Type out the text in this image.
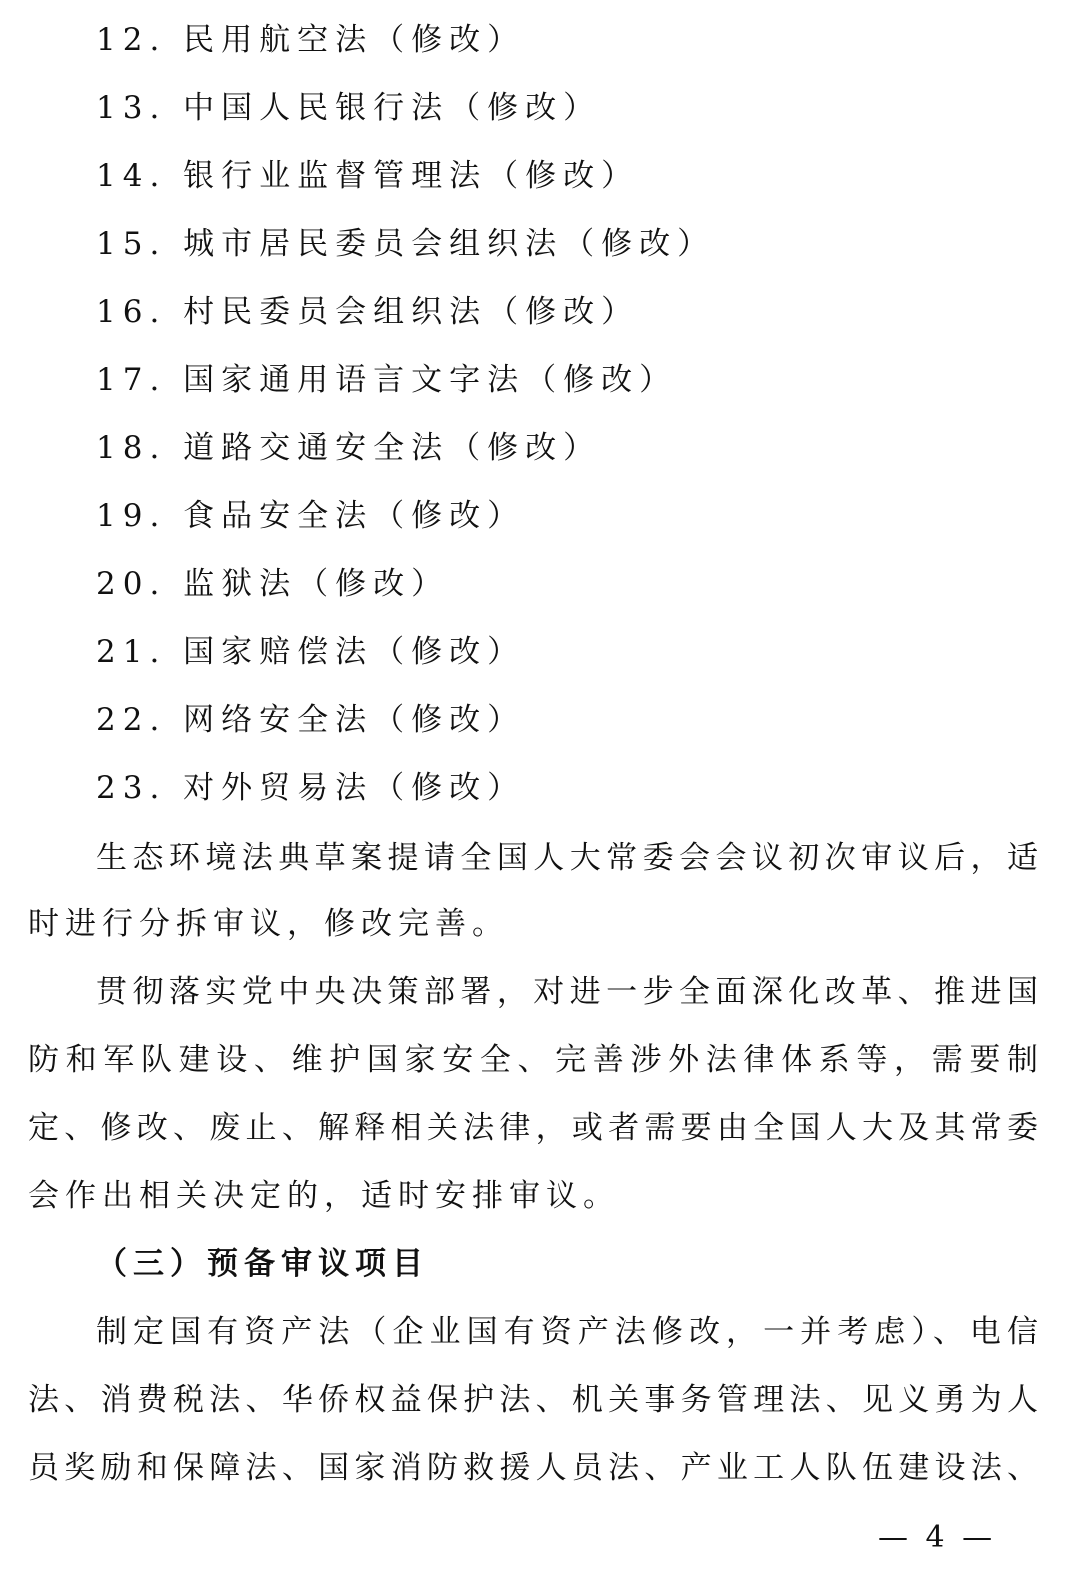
12. 民用航空法（修改）
13. 中国人民银行法（修改）
14. 银行业监督管理法（修改）
15. 城市居民委员会组织法（修改）
16. 村民委员会组织法（修改）
17. 国家通用语言文字法（修改）
18. 道路交通安全法（修改）
19. 食品安全法（修改）
20. 监狱法（修改）
21. 国家赔偿法（修改）
22. 网络安全法（修改）
23. 对外贸易法（修改）
生态环境法典草案提请全国人大常委会会议初次审议后，适
时进行分拆审议，修改完善。
贯彻落实党中央决策部署，对进一步全面深化改革、推进国
防和军队建设、维护国家安全、完善涉外法律体系等，需要制
定、修改、废止、解释相关法律，或者需要由全国人大及其常委
会作出相关决定的，适时安排审议。
（三）预备审议项目
制定国有资产法（企业国有资产法修改，一并考虑）、电信
法、消费税法、华侨权益保护法、机关事务管理法、见义勇为人
员奖励和保障法、国家消防救援人员法、产业工人队伍建设法、
— 4 —
